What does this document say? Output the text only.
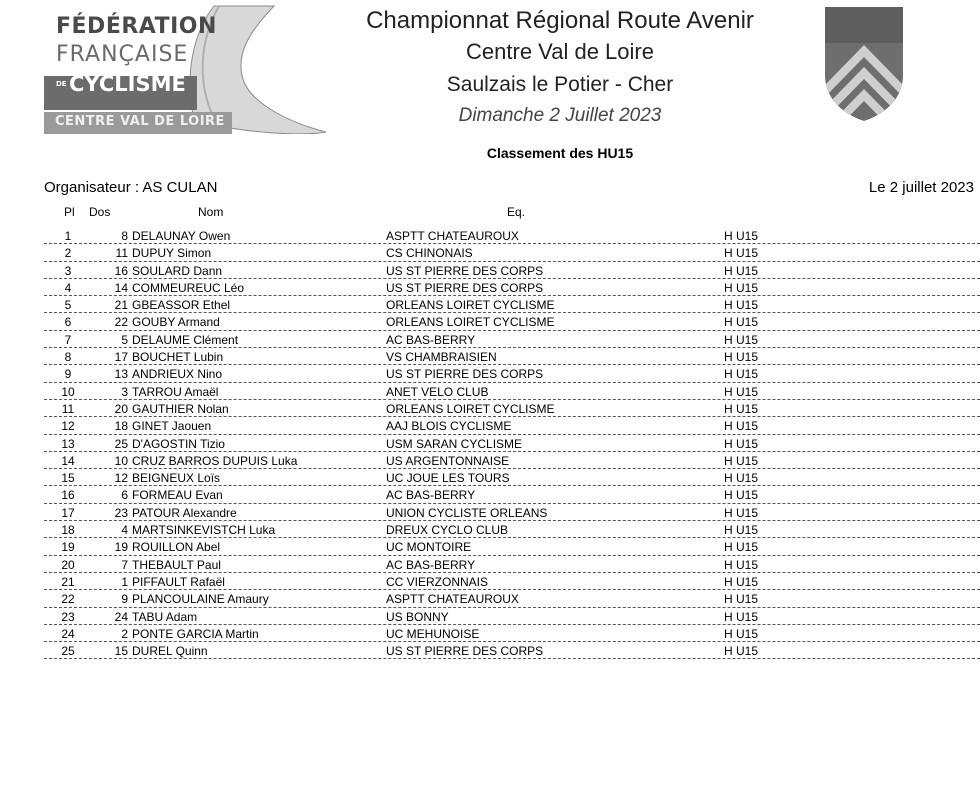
FÉDÉRATION
FRANÇAISE
DE CYCLISME
CENTRE VAL DE LOIRE
Championnat Régional Route Avenir
Centre Val de Loire
Saulzais le Potier - Cher
Dimanche 2 Juillet 2023
Classement des HU15
Organisateur : AS CULAN	Le 2 juillet 2023
Pl Dos	Nom	Eq.
1	8 DELAUNAY Owen	ASPTT CHATEAUROUX	H U15
2	11 DUPUY Simon	CS CHINONAIS	H U15
3	16 SOULARD Dann	US ST PIERRE DES CORPS	H U15
4	14 COMMEUREUC Léo	US ST PIERRE DES CORPS	H U15
5	21 GBEASSOR Ethel	ORLEANS LOIRET CYCLISME	H U15
6	22 GOUBY Armand	ORLEANS LOIRET CYCLISME	H U15
7	5 DELAUME Clément	AC BAS-BERRY	H U15
8	17 BOUCHET Lubin	VS CHAMBRAISIEN	H U15
9	13 ANDRIEUX Nino	US ST PIERRE DES CORPS	H U15
10	3 TARROU Amaël	ANET VELO CLUB	H U15
11	20 GAUTHIER Nolan	ORLEANS LOIRET CYCLISME	H U15
12	18 GINET Jaouen	AAJ BLOIS CYCLISME	H U15
13	25 D'AGOSTIN Tizio	USM SARAN CYCLISME	H U15
14	10 CRUZ BARROS DUPUIS Luka	US ARGENTONNAISE	H U15
15	12 BEIGNEUX Loïs	UC JOUE LES TOURS	H U15
16	6 FORMEAU Evan	AC BAS-BERRY	H U15
17	23 PATOUR Alexandre	UNION CYCLISTE ORLEANS	H U15
18	4 MARTSINKEVISTCH Luka	DREUX CYCLO CLUB	H U15
19	19 ROUILLON Abel	UC MONTOIRE	H U15
20	7 THEBAULT Paul	AC BAS-BERRY	H U15
21	1 PIFFAULT Rafaël	CC VIERZONNAIS	H U15
22	9 PLANCOULAINE Amaury	ASPTT CHATEAUROUX	H U15
23	24 TABU Adam	US BONNY	H U15
24	2 PONTE GARCIA Martin	UC MEHUNOISE	H U15
25	15 DUREL Quinn	US ST PIERRE DES CORPS	H U15
